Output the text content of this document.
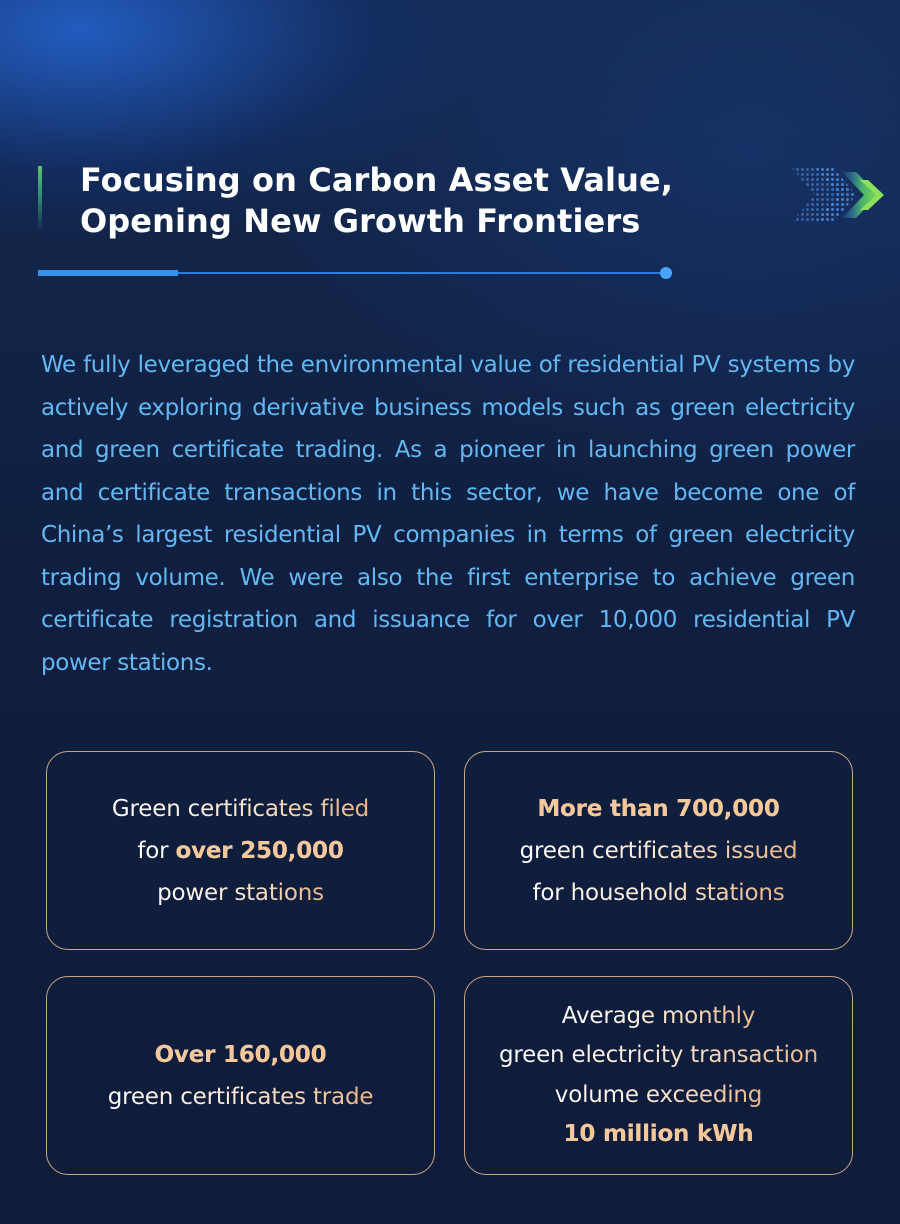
Focusing on Carbon Asset Value,
Opening New Growth Frontiers

We fully leveraged the environmental value of residential PV systems by actively exploring derivative business models such as green electricity and green certificate trading. As a pioneer in launching green power and certificate transactions in this sector, we have become one of China’s largest residential PV companies in terms of green electricity trading volume. We were also the first enterprise to achieve green certificate registration and issuance for over 10,000 residential PV power stations.

Green certificates filed
for over 250,000
power stations
More than 700,000
green certificates issued
for household stations
Over 160,000
green certificates trade
Average monthly
green electricity transaction
volume exceeding
10 million kWh
